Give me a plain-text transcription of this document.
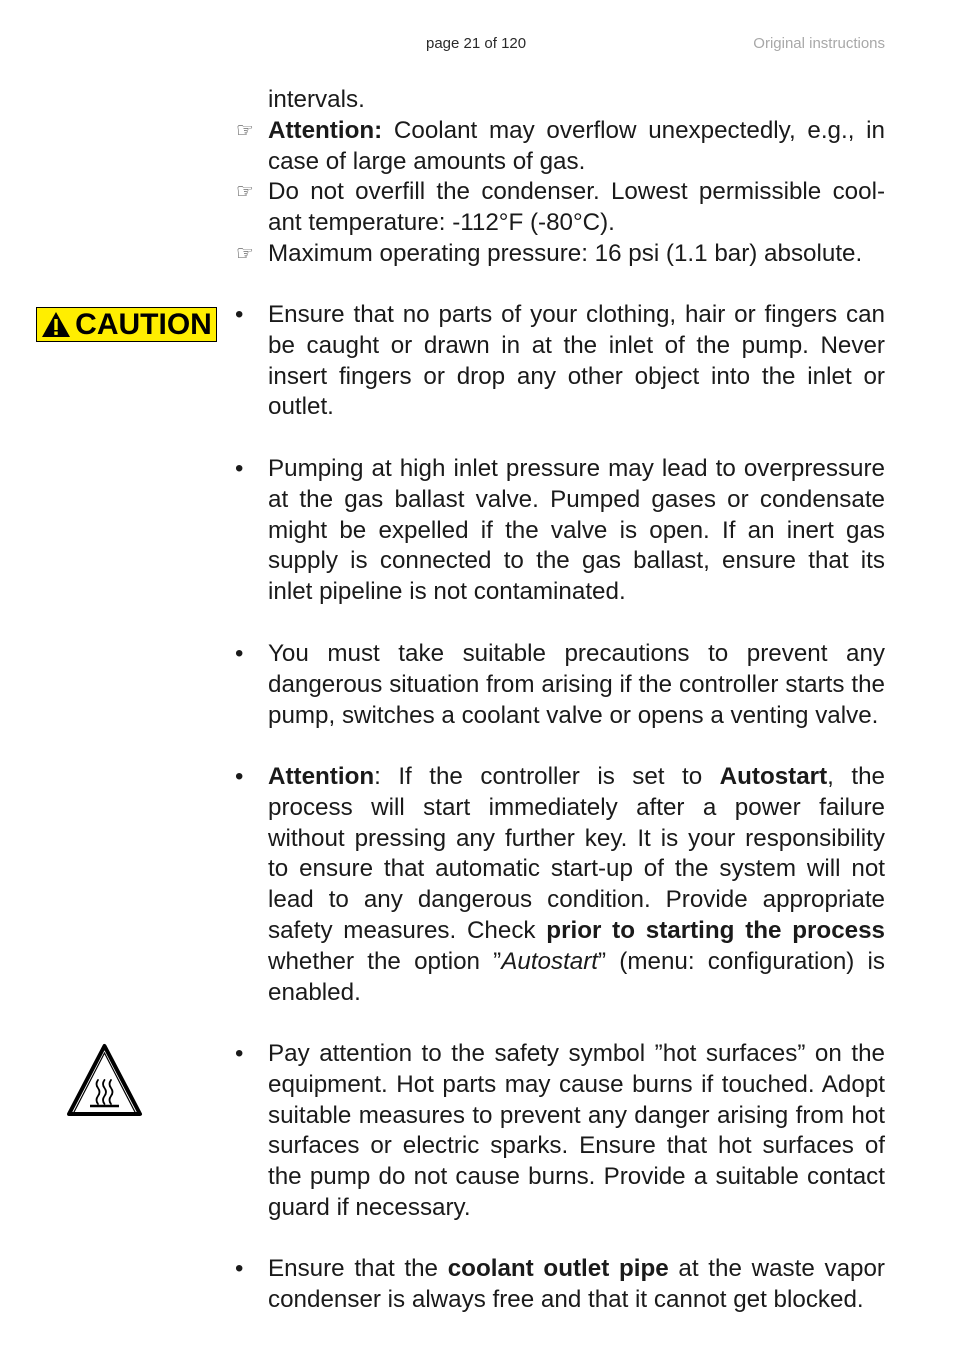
page 21 of 120	Original instructions
intervals.
☞ Attention: Coolant may overflow unexpectedly, e.g., in
case of large amounts of gas.
☞ Do not overfill the condenser. Lowest permissible cool-
ant temperature: -112°F (-80°C).
☞ Maximum operating pressure: 16 psi (1.1 bar) absolute.
CAUTION • Ensure that no parts of your clothing, hair or fingers can be caught or drawn in at the inlet of the pump. Never insert fingers or drop any other object into the inlet or outlet.
• Pumping at high inlet pressure may lead to overpressure at the gas ballast valve. Pumped gases or condensate might be expelled if the valve is open. If an inert gas supply is connected to the gas ballast, ensure that its inlet pipeline is not contaminated.
• You must take suitable precautions to prevent any dangerous situation from arising if the controller starts the pump, switches a coolant valve or opens a venting valve.
• Attention: If the controller is set to Autostart, the process will start immediately after a power failure without pressing any further key. It is your responsibility to ensure that automatic start-up of the system will not lead to any dangerous condition. Provide appropriate safety measures. Check prior to starting the process whether the option ”Autostart” (menu: configuration) is enabled.
• Pay attention to the safety symbol ”hot surfaces” on the equipment. Hot parts may cause burns if touched. Adopt suitable measures to prevent any danger arising from hot surfaces or electric sparks. Ensure that hot surfaces of the pump do not cause burns. Provide a suitable contact guard if necessary.
• Ensure that the coolant outlet pipe at the waste vapor condenser is always free and that it cannot get blocked.
